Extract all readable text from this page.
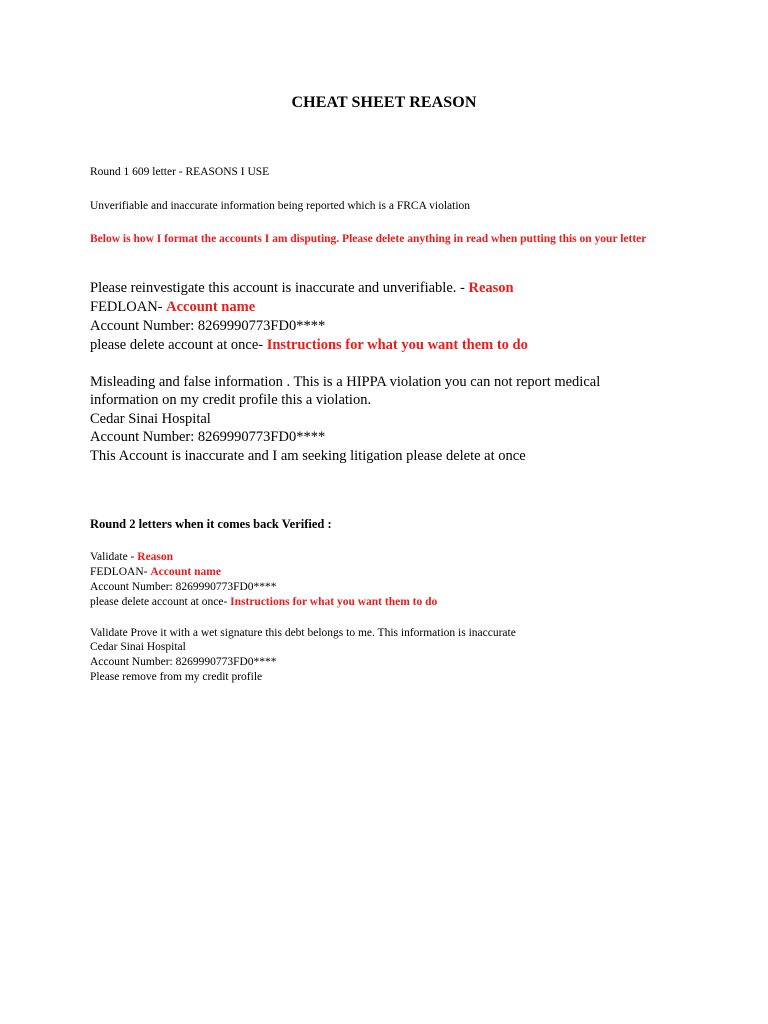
CHEAT SHEET REASON
Round 1 609 letter - REASONS I USE
Unverifiable and inaccurate information being reported which is a FRCA violation
Below is how I format the accounts I am disputing. Please delete anything in read when putting this on your letter
Please reinvestigate this account is inaccurate and unverifiable. - Reason
FEDLOAN- Account name
Account Number: 8269990773FD0****
please delete account at once- Instructions for what you want them to do
Misleading and false information . This is a HIPPA violation you can not report medical
information on my credit profile this a violation.
Cedar Sinai Hospital
Account Number: 8269990773FD0****
This Account is inaccurate and I am seeking litigation please delete at once
Round 2 letters when it comes back Verified :
Validate - Reason
FEDLOAN- Account name
Account Number: 8269990773FD0****
please delete account at once- Instructions for what you want them to do
Validate Prove it with a wet signature this debt belongs to me. This information is inaccurate
Cedar Sinai Hospital
Account Number: 8269990773FD0****
Please remove from my credit profile
